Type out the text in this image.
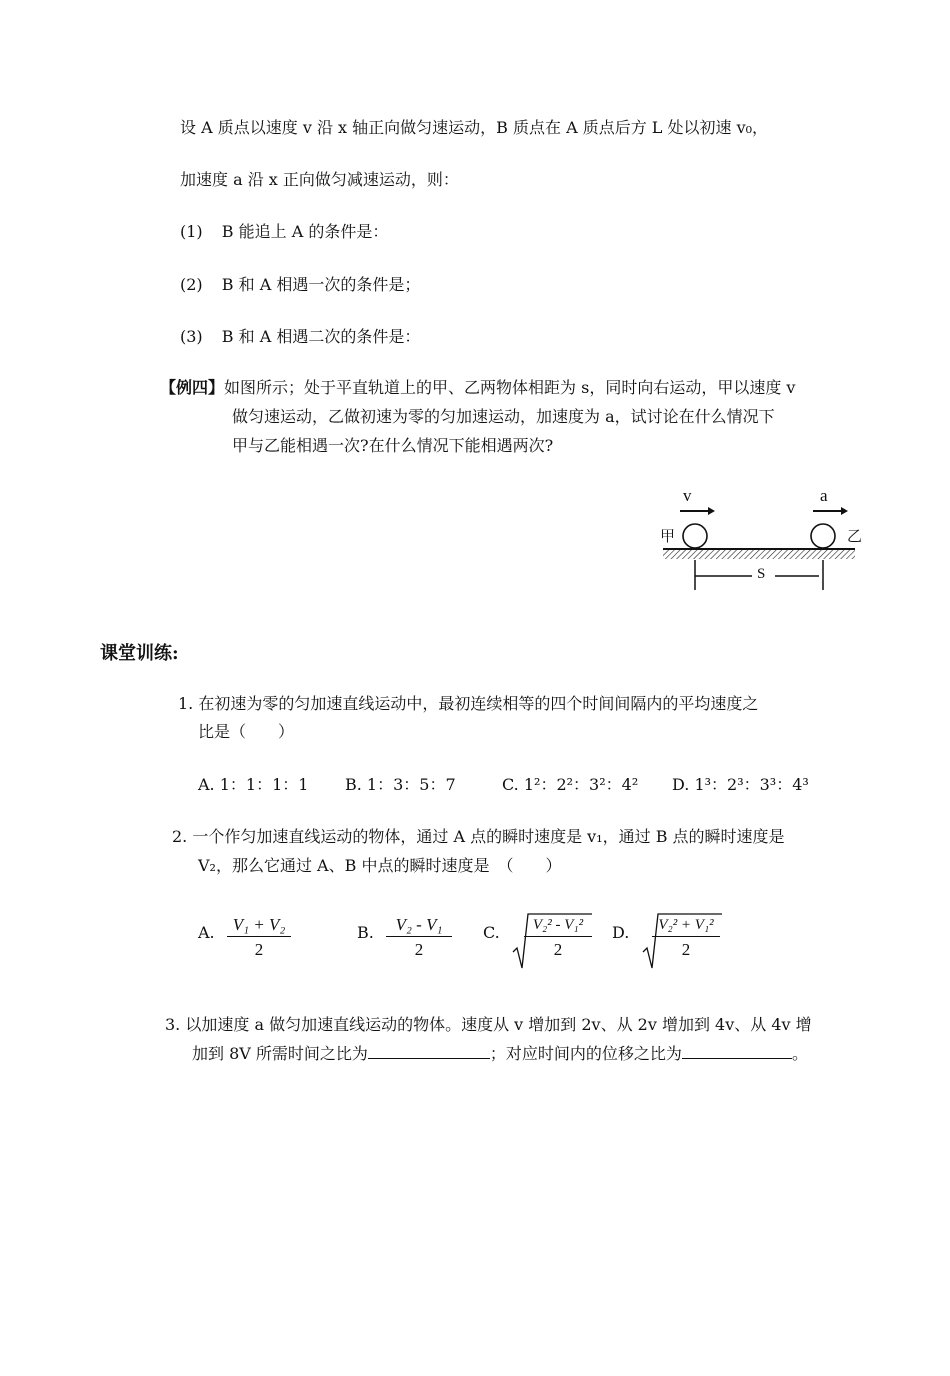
设 A 质点以速度 v 沿 x 轴正向做匀速运动，B 质点在 A 质点后方 L 处以初速 v₀，
加速度 a 沿 x 正向做匀减速运动，则：
(1) B 能追上 A 的条件是：
(2) B 和 A 相遇一次的条件是；
(3) B 和 A 相遇二次的条件是：
【例四】如图所示；处于平直轨道上的甲、乙两物体相距为 s，同时向右运动，甲以速度 v
做匀速运动，乙做初速为零的匀加速运动，加速度为 a，试讨论在什么情况下
甲与乙能相遇一次?在什么情况下能相遇两次?
v	a
甲	乙
S
课堂训练:
1. 在初速为零的匀加速直线运动中，最初连续相等的四个时间间隔内的平均速度之
比是（　　）
A. 1：1：1：1 B. 1：3：5：7	C. 1²：2²：3²：4² D. 1³：2³：3³：4³
2. 一个作匀加速直线运动的物体，通过 A 点的瞬时速度是 v₁，通过 B 点的瞬时速度是
V₂，那么它通过 A、B 中点的瞬时速度是　（　　）
A. $\frac{\text{V₁ + V₂}}{2}$	B. $\frac{\text{V₂ - V₁}}{2} C$. $\frac{\text{V₂² - V₁²}}{2} D$. $\frac{\text{V₂² + V₁²}}{2}$
3. 以加速度 a 做匀加速直线运动的物体。速度从 v 增加到 2v、从 2v 增加到 4v、从 4v 增
加到 8V 所需时间之比为	；对应时间内的位移之比为	。
